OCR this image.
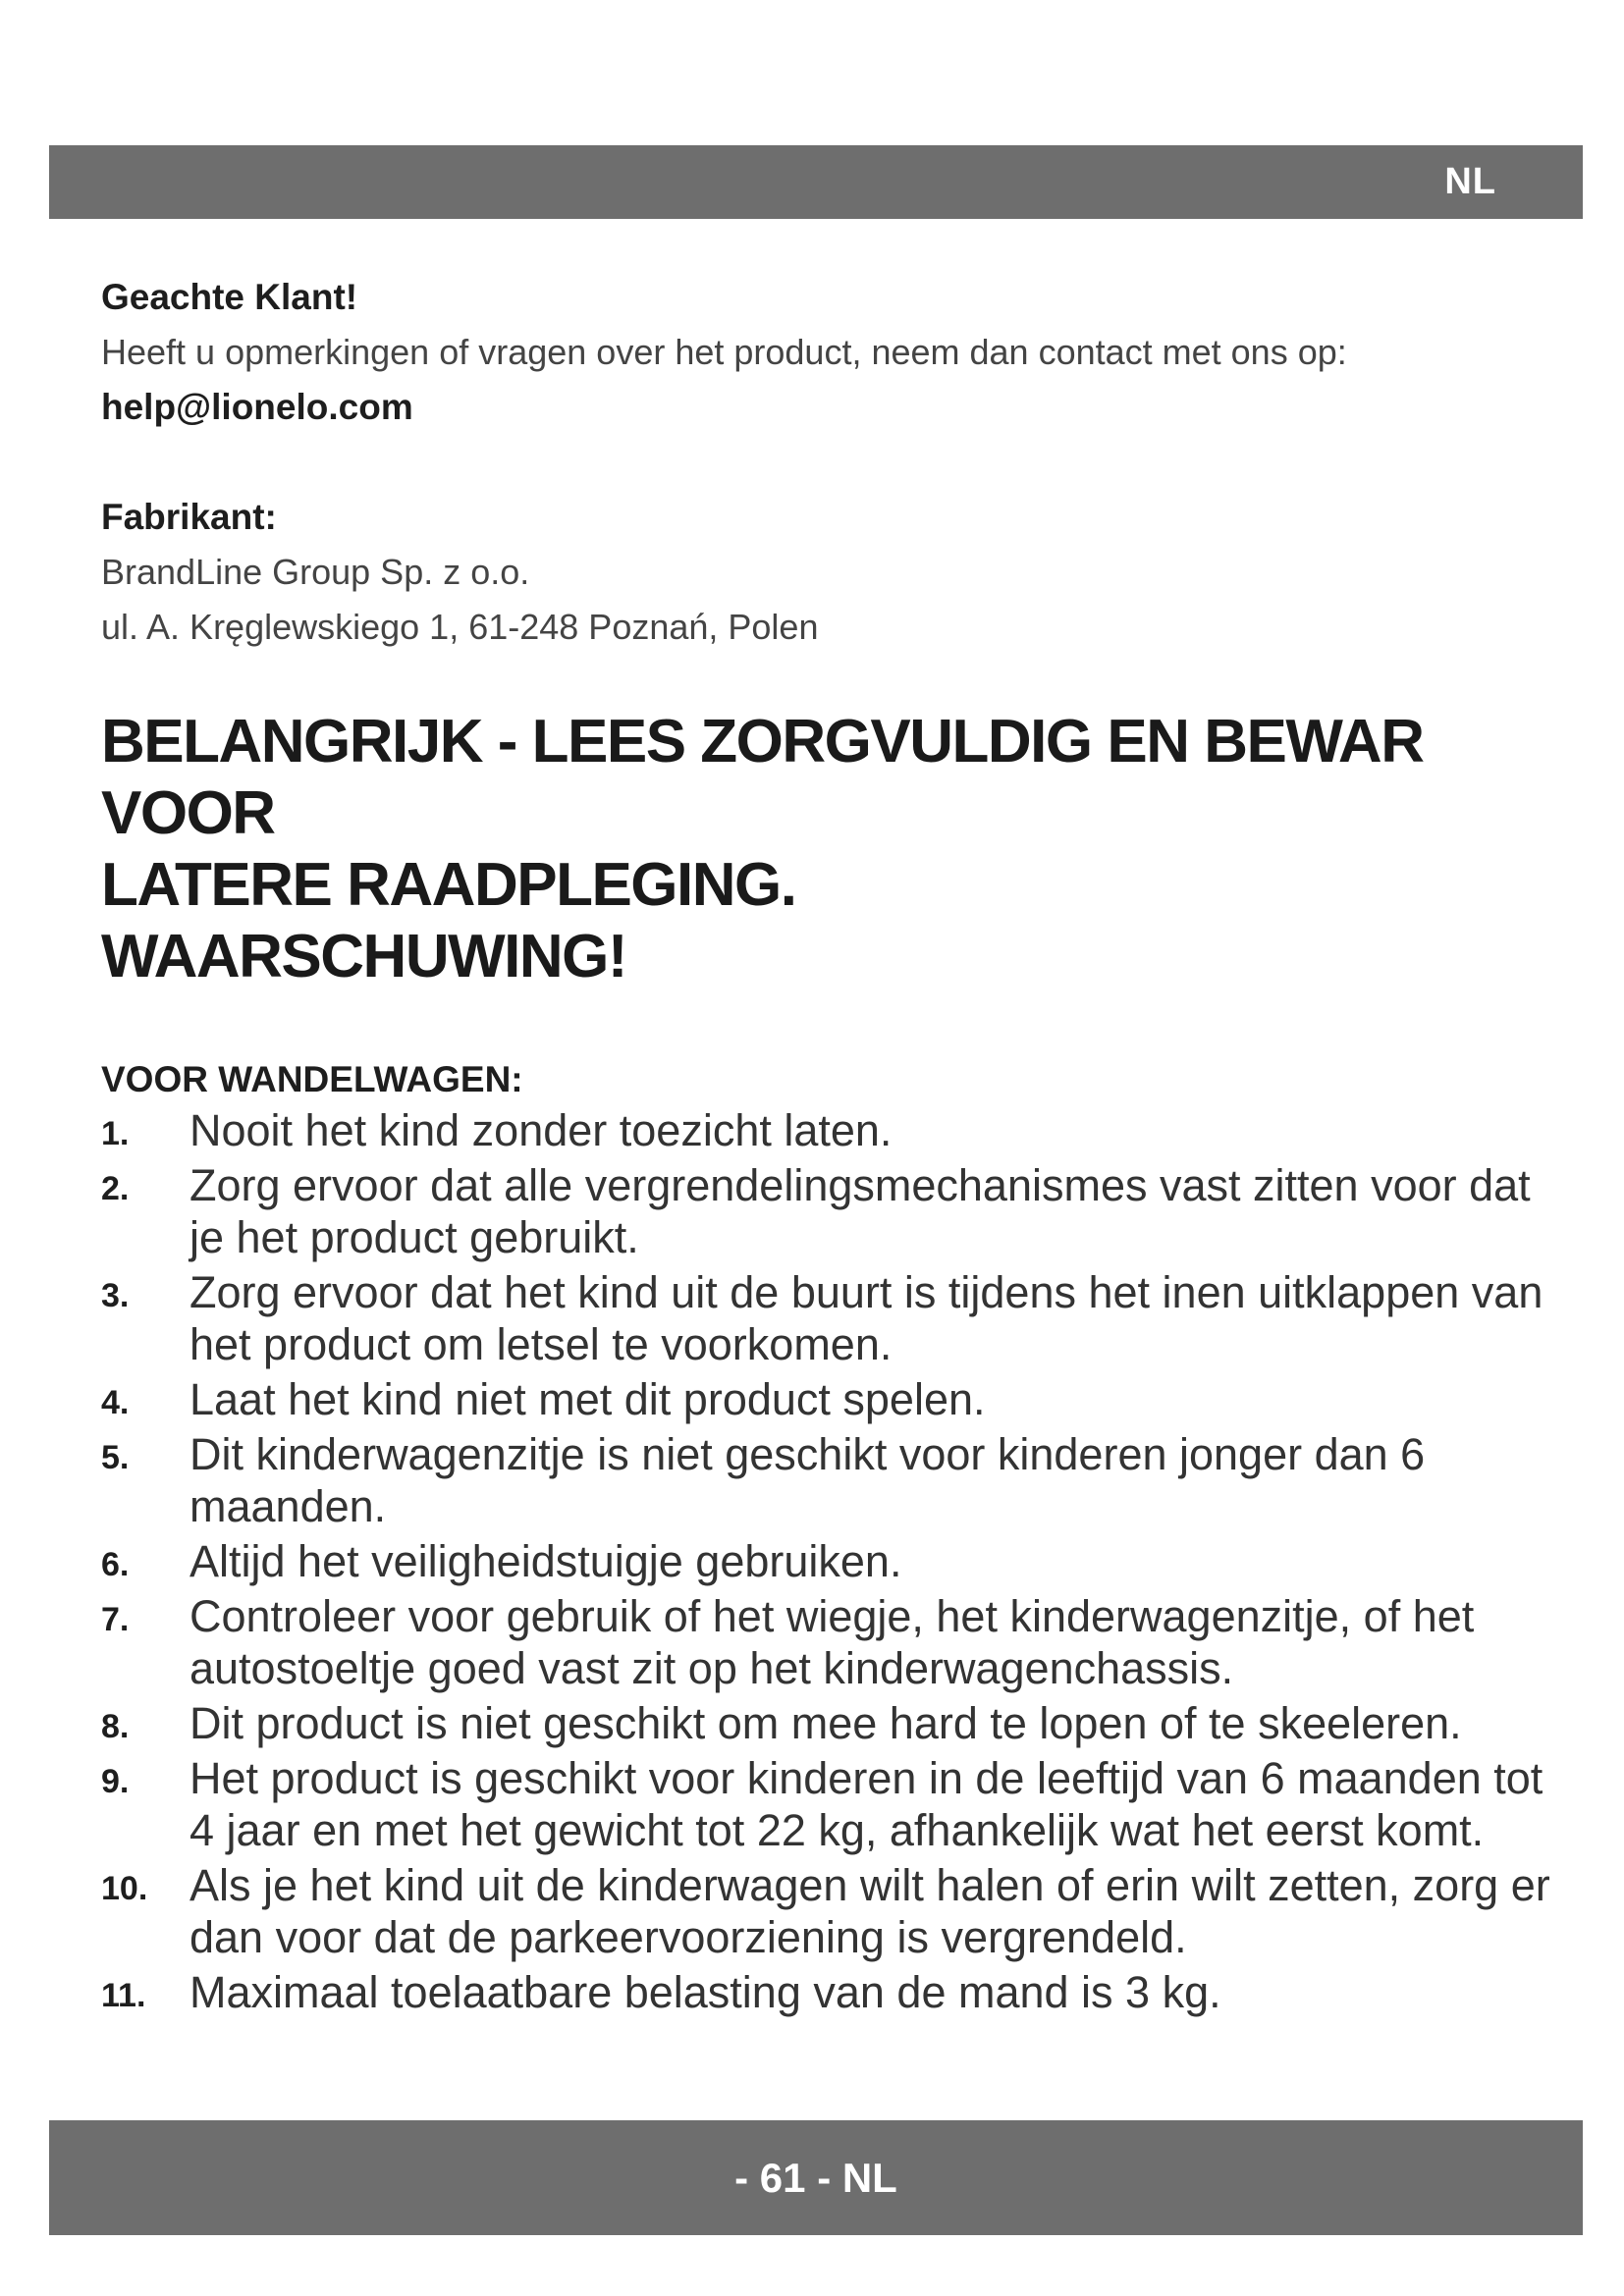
NL
Geachte Klant!
Heeft u opmerkingen of vragen over het product, neem dan contact met ons op:
help@lionelo.com
Fabrikant:
BrandLine Group Sp. z o.o.
ul. A. Kręglewskiego 1, 61-248 Poznań, Polen
BELANGRIJK - LEES ZORGVULDIG EN BEWAR VOOR
LATERE RAADPLEGING.
WAARSCHUWING!
VOOR WANDELWAGEN:
1. Nooit het kind zonder toezicht laten.
2. Zorg ervoor dat alle vergrendelingsmechanismes vast zitten voor dat je het product gebruikt.
3. Zorg ervoor dat het kind uit de buurt is tijdens het inen uitklappen van het product om letsel te voorkomen.
4. Laat het kind niet met dit product spelen.
5. Dit kinderwagenzitje is niet geschikt voor kinderen jonger dan 6 maanden.
6. Altijd het veiligheidstuigje gebruiken.
7. Controleer voor gebruik of het wiegje, het kinderwagenzitje, of het autostoeltje goed vast zit op het kinderwagenchassis.
8. Dit product is niet geschikt om mee hard te lopen of te skeeleren.
9. Het product is geschikt voor kinderen in de leeftijd van 6 maanden tot 4 jaar en met het gewicht tot 22 kg, afhankelijk wat het eerst komt.
10. Als je het kind uit de kinderwagen wilt halen of erin wilt zetten, zorg er dan voor dat de parkeervoorziening is vergrendeld.
11. Maximaal toelaatbare belasting van de mand is 3 kg.
- 61 - NL
